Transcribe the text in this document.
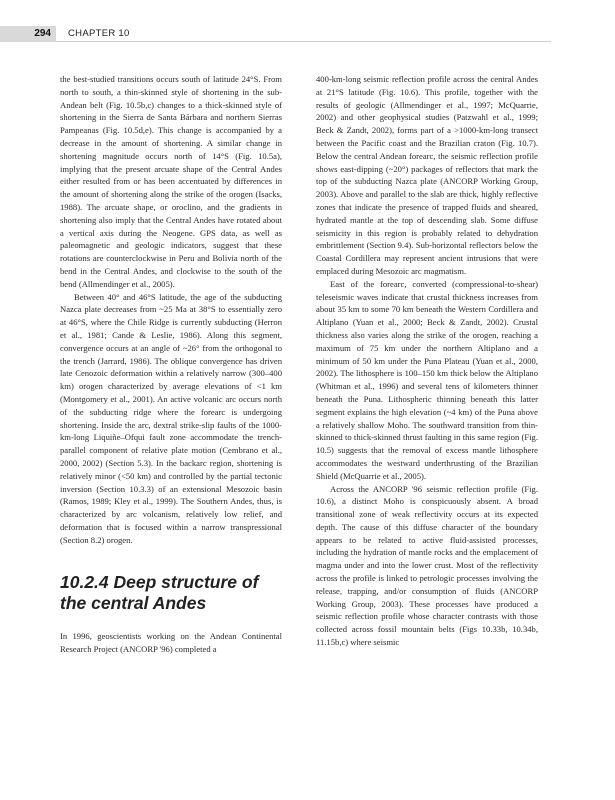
294	CHAPTER 10

the best-studied transitions occurs south of latitude 24°S. From north to south, a thin-skinned style of shortening in the sub-Andean belt (Fig. 10.5b,c) changes to a thick-skinned style of shortening in the Sierra de Santa Bárbara and northern Sierras Pampeanas (Fig. 10.5d,e). This change is accompanied by a decrease in the amount of shortening. A similar change in shortening magnitude occurs north of 14°S (Fig. 10.5a), implying that the present arcuate shape of the Central Andes either resulted from or has been accentuated by differences in the amount of shortening along the strike of the orogen (Isacks, 1988). The arcuate shape, or oroclino, and the gradients in shortening also imply that the Central Andes have rotated about a vertical axis during the Neogene. GPS data, as well as paleomagnetic and geologic indicators, suggest that these rotations are counterclockwise in Peru and Bolivia north of the bend in the Central Andes, and clockwise to the south of the bend (Allmendinger et al., 2005).

Between 40° and 46°S latitude, the age of the subducting Nazca plate decreases from ~25 Ma at 38°S to essentially zero at 46°S, where the Chile Ridge is currently subducting (Herron et al., 1981; Cande & Leslie, 1986). Along this segment, convergence occurs at an angle of ~26° from the orthogonal to the trench (Jarrard, 1986). The oblique convergence has driven late Cenozoic deformation within a relatively narrow (300–400 km) orogen characterized by average elevations of <1 km (Montgomery et al., 2001). An active volcanic arc occurs north of the subducting ridge where the forearc is undergoing shortening. Inside the arc, dextral strike-slip faults of the 1000-km-long Liquiñe–Ofqui fault zone accommodate the trench-parallel component of relative plate motion (Cembrano et al., 2000, 2002) (Section 5.3). In the backarc region, shortening is relatively minor (<50 km) and controlled by the partial tectonic inversion (Section 10.3.3) of an extensional Mesozoic basin (Ramos, 1989; Kley et al., 1999). The Southern Andes, thus, is characterized by arc volcanism, relatively low relief, and deformation that is focused within a narrow transpressional (Section 8.2) orogen.

10.2.4 Deep structure of the central Andes

In 1996, geoscientists working on the Andean Continental Research Project (ANCORP '96) completed a

400-km-long seismic reflection profile across the central Andes at 21°S latitude (Fig. 10.6). This profile, together with the results of geologic (Allmendinger et al., 1997; McQuarrie, 2002) and other geophysical studies (Patzwahl et al., 1999; Beck & Zandt, 2002), forms part of a >1000-km-long transect between the Pacific coast and the Brazilian craton (Fig. 10.7). Below the central Andean forearc, the seismic reflection profile shows east-dipping (~20°) packages of reflectors that mark the top of the subducting Nazca plate (ANCORP Working Group, 2003). Above and parallel to the slab are thick, highly reflective zones that indicate the presence of trapped fluids and sheared, hydrated mantle at the top of descending slab. Some diffuse seismicity in this region is probably related to dehydration embrittlement (Section 9.4). Sub-horizontal reflectors below the Coastal Cordillera may represent ancient intrusions that were emplaced during Mesozoic arc magmatism.

East of the forearc, converted (compressional-to-shear) teleseismic waves indicate that crustal thickness increases from about 35 km to some 70 km beneath the Western Cordillera and Altiplano (Yuan et al., 2000; Beck & Zandt, 2002). Crustal thickness also varies along the strike of the orogen, reaching a maximum of 75 km under the northern Altiplano and a minimum of 50 km under the Puna Plateau (Yuan et al., 2000, 2002). The lithosphere is 100–150 km thick below the Altiplano (Whitman et al., 1996) and several tens of kilometers thinner beneath the Puna. Lithospheric thinning beneath this latter segment explains the high elevation (~4 km) of the Puna above a relatively shallow Moho. The southward transition from thin-skinned to thick-skinned thrust faulting in this same region (Fig. 10.5) suggests that the removal of excess mantle lithosphere accommodates the westward underthrusting of the Brazilian Shield (McQuarrie et al., 2005).

Across the ANCORP '96 seismic reflection profile (Fig. 10.6), a distinct Moho is conspicuously absent. A broad transitional zone of weak reflectivity occurs at its expected depth. The cause of this diffuse character of the boundary appears to be related to active fluid-assisted processes, including the hydration of mantle rocks and the emplacement of magma under and into the lower crust. Most of the reflectivity across the profile is linked to petrologic processes involving the release, trapping, and/or consumption of fluids (ANCORP Working Group, 2003). These processes have produced a seismic reflection profile whose character contrasts with those collected across fossil mountain belts (Figs 10.33b, 10.34b, 11.15b,c) where seismic
